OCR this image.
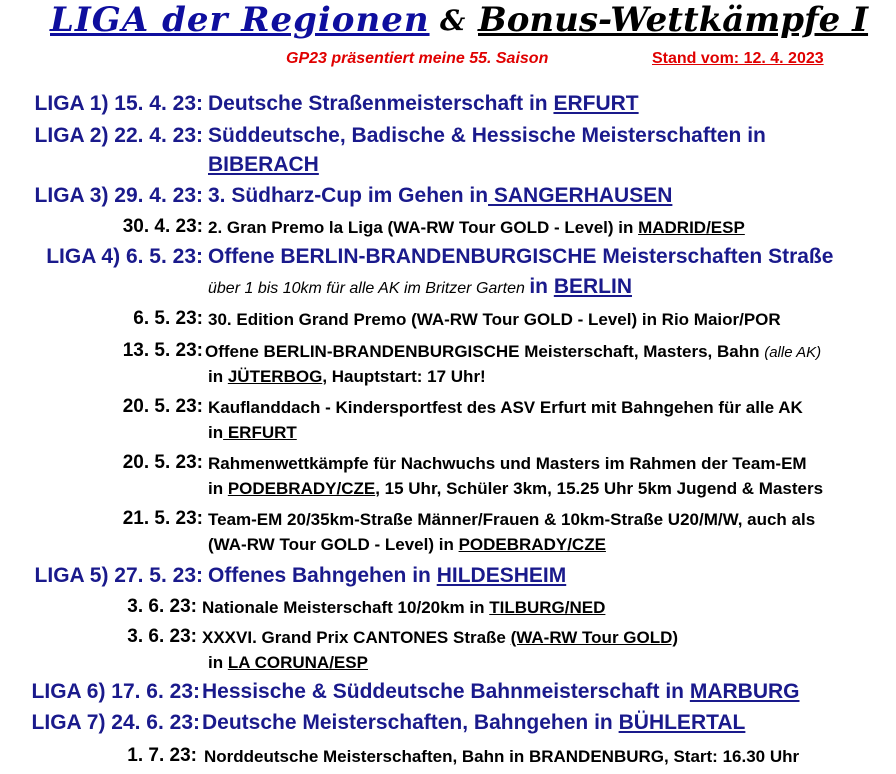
LIGA der Regionen & Bonus-Wettkämpfe I
GP23 präsentiert meine 55. Saison	Stand vom: 12. 4. 2023
LIGA 1) 15. 4. 23: Deutsche Straßenmeisterschaft in ERFURT
LIGA 2) 22. 4. 23: Süddeutsche, Badische & Hessische Meisterschaften in
BIBERACH
LIGA 3) 29. 4. 23: 3. Südharz-Cup im Gehen in SANGERHAUSEN
30. 4. 23: 2. Gran Premo la Liga (WA-RW Tour GOLD - Level) in MADRID/ESP
LIGA 4) 6. 5. 23: Offene BERLIN-BRANDENBURGISCHE Meisterschaften Straße
über 1 bis 10km für alle AK im Britzer Garten in BERLIN
6. 5. 23: 30. Edition Grand Premo (WA-RW Tour GOLD - Level) in Rio Maior/POR
13. 5. 23: Offene BERLIN-BRANDENBURGISCHE Meisterschaft, Masters, Bahn (alle AK)
in JÜTERBOG, Hauptstart: 17 Uhr!
20. 5. 23: Kauflanddach - Kindersportfest des ASV Erfurt mit Bahngehen für alle AK
in ERFURT
20. 5. 23: Rahmenwettkämpfe für Nachwuchs und Masters im Rahmen der Team-EM
in PODEBRADY/CZE, 15 Uhr, Schüler 3km, 15.25 Uhr 5km Jugend & Masters
21. 5. 23: Team-EM 20/35km-Straße Männer/Frauen & 10km-Straße U20/M/W, auch als
(WA-RW Tour GOLD - Level) in PODEBRADY/CZE
LIGA 5) 27. 5. 23: Offenes Bahngehen in HILDESHEIM
3. 6. 23: Nationale Meisterschaft 10/20km in TILBURG/NED
3. 6. 23: XXXVI. Grand Prix CANTONES Straße (WA-RW Tour GOLD)
in LA CORUNA/ESP
LIGA 6) 17. 6. 23: Hessische & Süddeutsche Bahnmeisterschaft in MARBURG
LIGA 7) 24. 6. 23: Deutsche Meisterschaften, Bahngehen in BÜHLERTAL
1. 7. 23: Norddeutsche Meisterschaften, Bahn in BRANDENBURG, Start: 16.30 Uhr
